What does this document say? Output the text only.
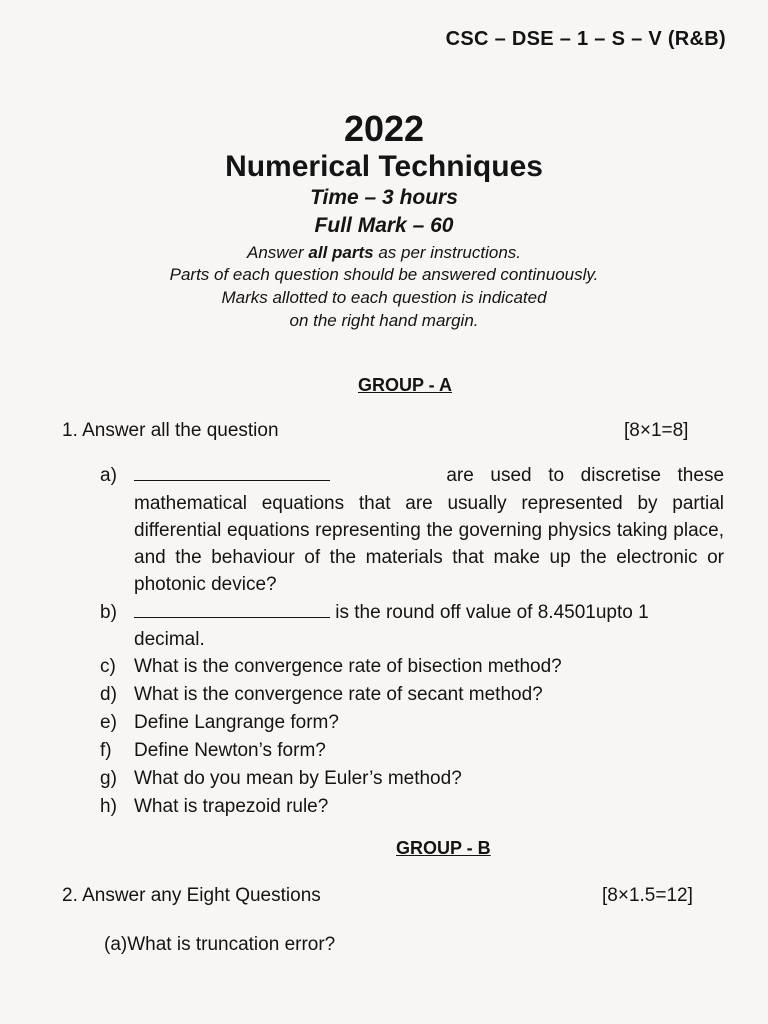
CSC – DSE – 1 – S – V (R&B)
2022
Numerical Techniques
Time – 3 hours
Full Mark – 60
Answer all parts as per instructions.
Parts of each question should be answered continuously.
Marks allotted to each question is indicated
on the right hand margin.
GROUP - A
1. Answer all the question	[8×1=8]
a)	are used to discretise these
mathematical equations that are usually represented by partial differential equations representing the governing physics taking place, and the behaviour of the materials that make up the electronic or photonic device?
b)	is the round off value of 8.4501upto 1
decimal.
c) What is the convergence rate of bisection method?
d) What is the convergence rate of secant method?
e) Define Langrange form?
f) Define Newton’s form?
g) What do you mean by Euler’s method?
h) What is trapezoid rule?
GROUP - B
2. Answer any Eight Questions	[8×1.5=12]
(a)What is truncation error?
